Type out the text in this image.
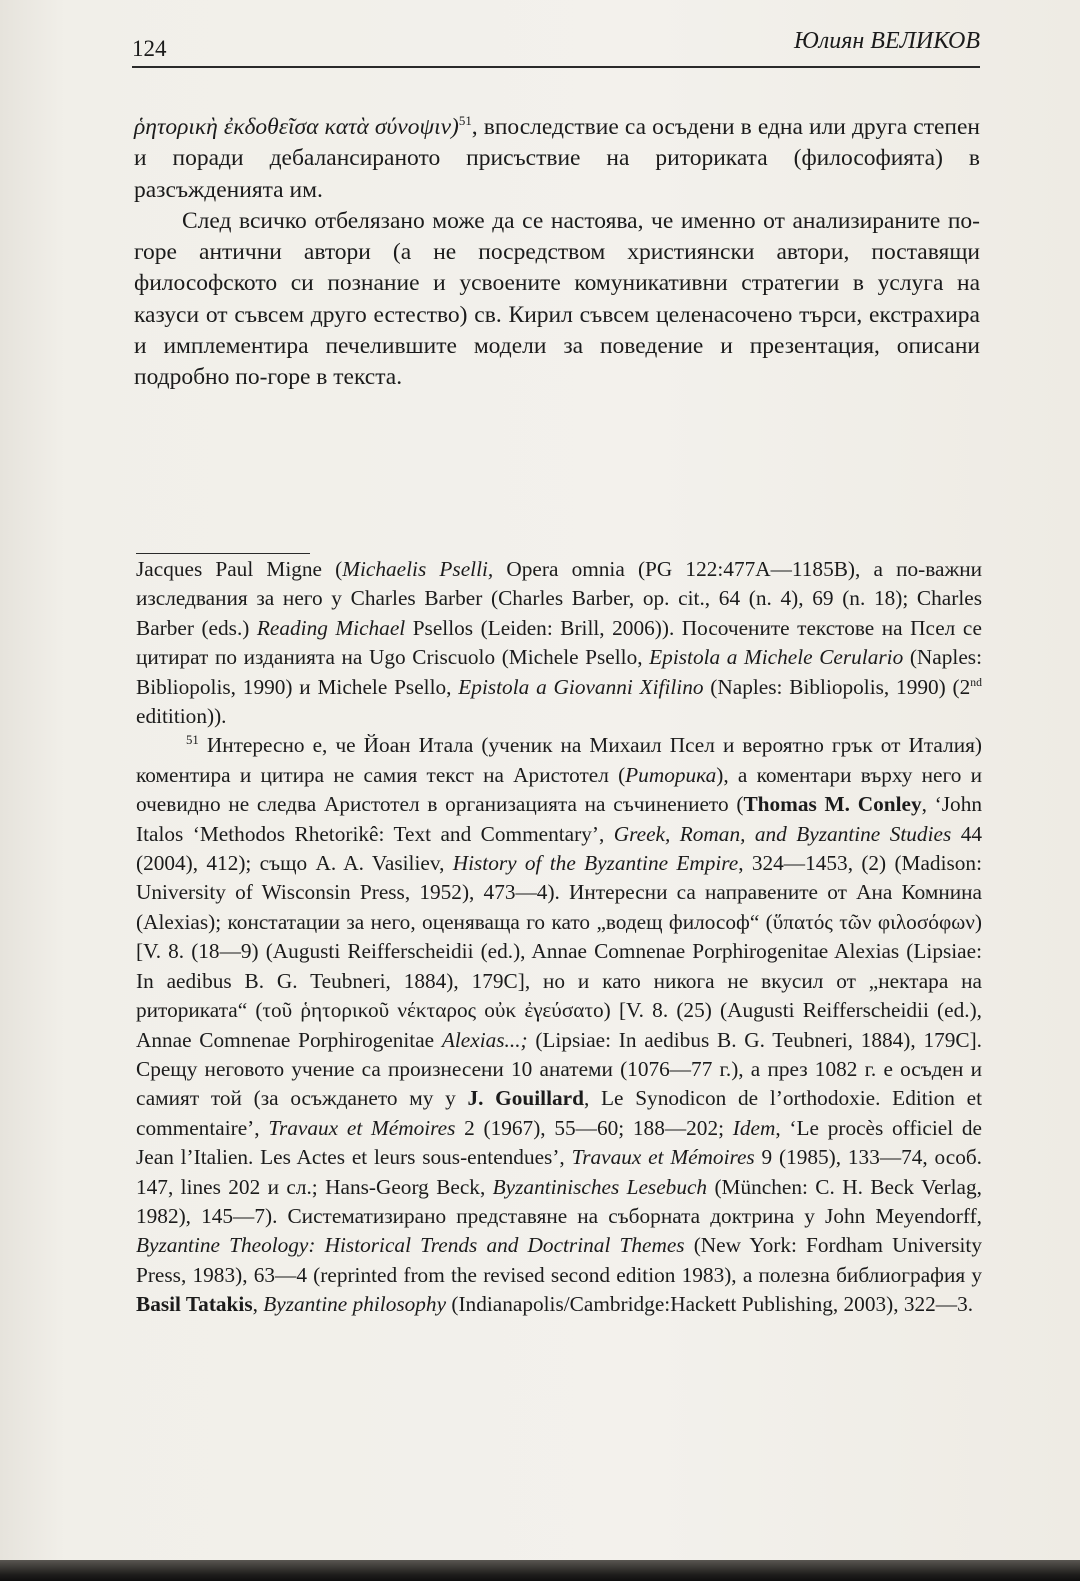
124	Юлиян ВЕЛИКОВ

ῥητορικὴ ἐκδοθεῖσα κατὰ σύνοψιν)$^{51}$, впоследствие са осъдени в една или друга степен и поради дебалансираното присъствие на риториката (философията) в разсъжденията им.

След всичко отбелязано може да се настоява, че именно от анализираните по-горе антични автори (а не посредством християнски автори, поставящи философското си познание и усвоените комуникативни стратегии в услуга на казуси от съвсем друго естество) св. Кирил съвсем целенасочено търси, екстрахира и имплементира печелившите модели за поведение и презентация, описани подробно по-горе в текста.

Jacques Paul Migne (Michaelis Pselli, Opera omnia (PG 122:477A—1185B), а по-важни изследвания за него у Charles Barber (Charles Barber, op. cit., 64 (n. 4), 69 (n. 18); Charles Barber (eds.) Reading Michael Psellos (Leiden: Brill, 2006)). Посочените текстове на Псел се цитират по изданията на Ugo Criscuolo (Michele Psello, Epistola a Michele Cerulario (Naples: Bibliopolis, 1990) и Michele Psello, Epistola a Giovanni Xifilino (Naples: Bibliopolis, 1990) (2nd editition)).

$^{51}$ Интересно е, че Йоан Итала (ученик на Михаил Псел и вероятно грък от Италия) коментира и цитира не самия текст на Аристотел (Риторика), а коментари върху него и очевидно не следва Аристотел в организацията на съчинението (Thomas M. Conley, ‘John Italos ‘Methodos Rhetorikê: Text and Commentary’, Greek, Roman, and Byzantine Studies 44 (2004), 412); също A. A. Vasiliev, History of the Byzantine Empire, 324—1453, (2) (Madison: University of Wisconsin Press, 1952), 473—4). Интересни са направените от Ана Комнина (Alexias); констатации за него, оценяваща го като „водещ философ“ (ὕπατός τῶν φιλοσόφων) [V. 8. (18—9) (Augusti Reifferscheidii (ed.), Annae Comnenae Porphirogenitae Alexias (Lipsiae: In aedibus B. G. Teubneri, 1884), 179C], но и като никога не вкусил от „нектара на риториката“ (τοῦ ῥητορικοῦ νέκταρος οὐκ ἐγεύσατο) [V. 8. (25) (Augusti Reifferscheidii (ed.), Annae Comnenae Porphirogenitae Alexias...; (Lipsiae: In aedibus B. G. Teubneri, 1884), 179C]. Срещу неговото учение са произнесени 10 анатеми (1076—77 г.), а през 1082 г. е осъден и самият той (за осъждането му у J. Gouillard, Le Synodicon de l’orthodoxie. Edition et commentaire’, Travaux et Mémoires 2 (1967), 55—60; 188—202; Idem, ‘Le procès officiel de Jean l’Italien. Les Actes et leurs sous-entendues’, Travaux et Mémoires 9 (1985), 133—74, особ. 147, lines 202 и сл.; Hans-Georg Beck, Byzantinisches Lesebuch (München: C. H. Beck Verlag, 1982), 145—7). Систематизирано представяне на съборната доктрина у John Meyendorff, Byzantine Theology: Historical Trends and Doctrinal Themes (New York: Fordham University Press, 1983), 63—4 (reprinted from the revised second edition 1983), а полезна библиография у Basil Tatakis, Byzantine philosophy (Indianapolis/Cambridge:Hackett Publishing, 2003), 322—3.
